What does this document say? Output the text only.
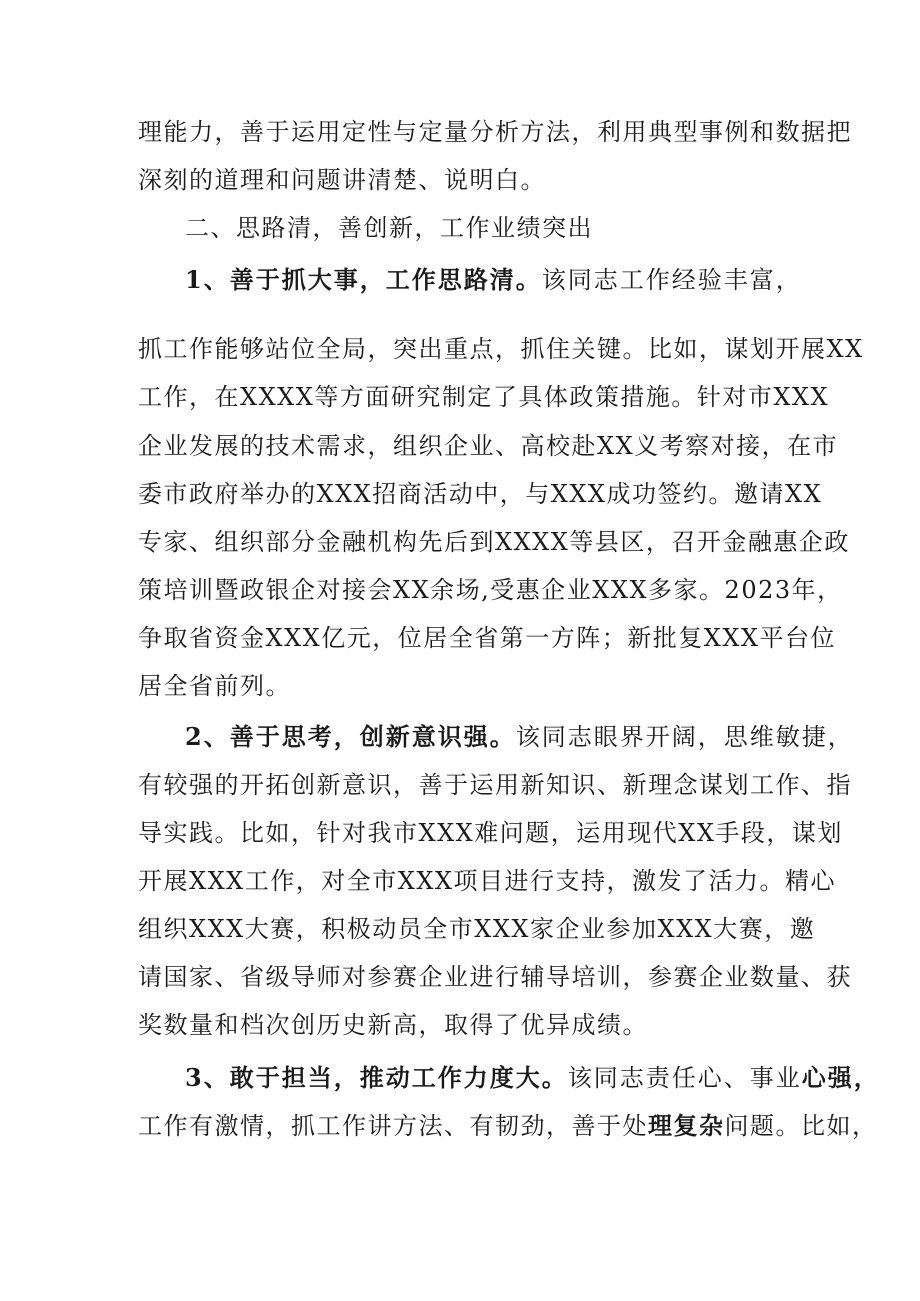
理能力，善于运用定性与定量分析方法，利用典型事例和数据把
深刻的道理和问题讲清楚、说明白。
二、思路清，善创新，工作业绩突出
1、善于抓大事，工作思路清。该同志工作经验丰富，
抓工作能够站位全局，突出重点，抓住关键。比如，谋划开展XX
工作，在XXXX等方面研究制定了具体政策措施。针对市XXX
企业发展的技术需求，组织企业、高校赴XX义考察对接，在市
委市政府举办的XXX招商活动中，与XXX成功签约。邀请XX
专家、组织部分金融机构先后到XXXX等县区，召开金融惠企政
策培训暨政银企对接会XX余场,受惠企业XXX多家。2023年，
争取省资金XXX亿元，位居全省第一方阵；新批复XXX平台位
居全省前列。
2、善于思考，创新意识强。该同志眼界开阔，思维敏捷，
有较强的开拓创新意识，善于运用新知识、新理念谋划工作、指
导实践。比如，针对我市XXX难问题，运用现代XX手段，谋划
开展XXX工作，对全市XXX项目进行支持，激发了活力。精心
组织XXX大赛，积极动员全市XXX家企业参加XXX大赛，邀
请国家、省级导师对参赛企业进行辅导培训，参赛企业数量、获
奖数量和档次创历史新高，取得了优异成绩。
3、敢于担当，推动工作力度大。该同志责任心、事业心强，
工作有激情，抓工作讲方法、有韧劲，善于处理复杂问题。比如，
